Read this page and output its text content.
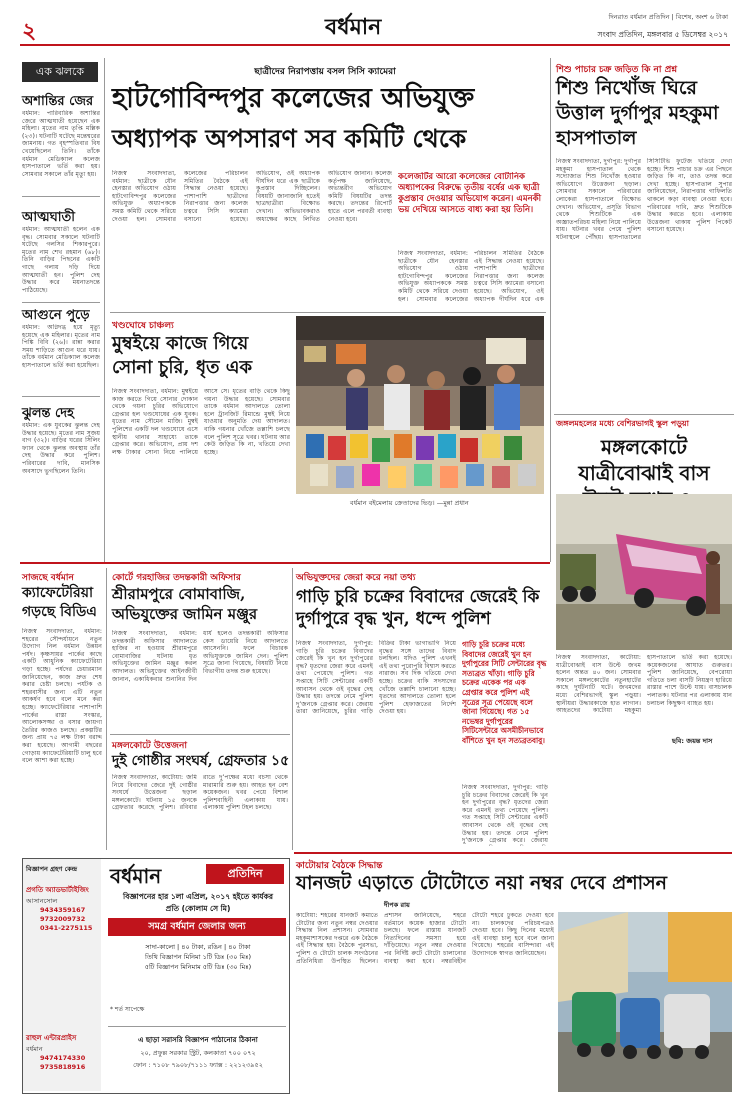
২	বর্ধমান	দিনরাত বর্ধমান প্রতিদিন | বিশেষ, অংশ ৬ টাকা
সংবাদ প্রতিদিন, মঙ্গলবার ৫ ডিসেম্বর ২০১৭
এক ঝলকে
অশান্তির জের
বর্ধমান: পারিবারিক অশান্তির জেরে আত্মঘাতী হয়েছেন এক মহিলা। মৃতের নাম তৃপ্তি মল্লিক (২৩)। ঘটনাটি ঘটেছে মন্তেশ্বরের জামনায়। গত বৃহস্পতিবার বিষ খেয়েছিলেন তিনি। তাঁকে বর্ধমান মেডিক্যাল কলেজ হাসপাতালে ভর্তি করা হয়। সোমবার সকালে তাঁর মৃত্যু হয়।
আত্মঘাতী
বর্ধমান: আত্মঘাতী হলেন এক বৃদ্ধ। সোমবার সকালে ঘটনাটি ঘটেছে গলসির শিকারপুরে। মৃতের নাম শেখ রহমান (৬৮)। তিনি বাড়ির পিছনের একটি গাছে গলায় দড়ি দিয়ে আত্মঘাতী হন। পুলিশ দেহ উদ্ধার করে ময়নাতদন্তে পাঠিয়েছে।
আগুনে পুড়ে
বর্ধমান: অগ্নিদগ্ধ হয়ে মৃত্যু হয়েছে এক মহিলার। মৃতের নাম পিঙ্কি বিবি (২৬)। রান্না করার সময় শাড়িতে আগুন ধরে যায়। তাঁকে বর্ধমান মেডিক্যাল কলেজ হাসপাতালে ভর্তি করা হয়েছিল।
ঝুলন্ত দেহ
বর্ধমান: এক যুবকের ঝুলন্ত দেহ উদ্ধার হয়েছে। মৃতের নাম সুজয় বাগ (৩২)। বাড়ির ঘরের সিলিং ফ্যান থেকে ঝুলন্ত অবস্থায় তাঁর দেহ উদ্ধার করে পুলিশ। পরিবারের দাবি, মানসিক অবসাদে ভুগছিলেন তিনি।
ছাত্রীদের নিরাপত্তায় বসল সিসি ক্যামেরা
হাটগোবিন্দপুর কলেজের অভিযুক্ত
অধ্যাপক অপসারণ সব কমিটি থেকে
নিজস্ব সংবাদদাতা, বর্ধমান: ছাত্রীকে যৌন হেনস্তার অভিযোগ ওঠায় হাটগোবিন্দপুর কলেজের অভিযুক্ত অধ্যাপককে সমস্ত কমিটি থেকে সরিয়ে দেওয়া হল। সোমবার কলেজের পরিচালন সমিতির বৈঠকে এই সিদ্ধান্ত নেওয়া হয়েছে। পাশাপাশি ছাত্রীদের নিরাপত্তার জন্য কলেজ চত্বরে সিসি ক্যামেরা বসানো হয়েছে। অভিযোগ, ওই অধ্যাপক দীর্ঘদিন ধরে এক ছাত্রীকে কুপ্রস্তাব দিচ্ছিলেন। বিষয়টি জানাজানি হতেই ছাত্রছাত্রীরা বিক্ষোভ দেখান। অভিভাবকরাও অধ্যক্ষের কাছে লিখিত অভিযোগ জানান। কলেজ কর্তৃপক্ষ জানিয়েছে, অভ্যন্তরীণ অভিযোগ কমিটি বিষয়টির তদন্ত করছে। তদন্তের রিপোর্ট হাতে এলে পরবর্তী ব্যবস্থা নেওয়া হবে।
কলেজটির আরো কলেজের বোটানিক অধ্যাপকের বিরুদ্ধে তৃতীয় বর্ষের এক ছাত্রী কুপ্রস্তাব দেওয়ার অভিযোগ করেন। এমনকী ভয় দেখিয়ে আসতে বাধ্য করা হয় তিনি।
নিজস্ব সংবাদদাতা, বর্ধমান: ছাত্রীকে যৌন হেনস্তার অভিযোগ ওঠায় হাটগোবিন্দপুর কলেজের অভিযুক্ত অধ্যাপককে সমস্ত কমিটি থেকে সরিয়ে দেওয়া হল। সোমবার কলেজের পরিচালন সমিতির বৈঠকে এই সিদ্ধান্ত নেওয়া হয়েছে। পাশাপাশি ছাত্রীদের নিরাপত্তার জন্য কলেজ চত্বরে সিসি ক্যামেরা বসানো হয়েছে। অভিযোগ, ওই অধ্যাপক দীর্ঘদিন ধরে এক
খণ্ডঘোষে চাঞ্চল্য
মুম্বইয়ে কাজে গিয়ে সোনা চুরি, ধৃত এক
নিজস্ব সংবাদদাতা, বর্ধমান: মুম্বইয়ে কাজ করতে গিয়ে সোনার দোকান থেকে গয়না চুরির অভিযোগে গ্রেপ্তার হল খণ্ডঘোষের এক যুবক। ধৃতের নাম সৌমেন মাজি। মুম্বই পুলিশের একটি দল খণ্ডঘোষে এসে স্থানীয় থানার সাহায্যে তাকে গ্রেপ্তার করে। অভিযোগ, প্রায় দশ লক্ষ টাকার সোনা নিয়ে পালিয়ে আসে সে। ধৃতের বাড়ি থেকে কিছু গয়না উদ্ধার হয়েছে। সোমবার তাকে বর্ধমান আদালতে তোলা হলে ট্রানজিট রিমান্ডে মুম্বই নিয়ে যাওয়ার অনুমতি দেয় আদালত। বাকি গয়নার খোঁজে তল্লাশি চলছে বলে পুলিশ সূত্রে খবর। ঘটনায় আর কেউ জড়িত কি না, খতিয়ে দেখা হচ্ছে।
বর্ধমান বইমেলায় ক্রেতাদের ভিড়। —মুন্না প্রধান
শিশু পাচার চক্র জড়িত কি না প্রশ্ন
শিশু নিখোঁজ ঘিরে উত্তাল দুর্গাপুর মহকুমা হাসপাতাল
নিজস্ব সংবাদদাতা, দুর্গাপুর: দুর্গাপুর মহকুমা হাসপাতাল থেকে সদ্যোজাত শিশু নিখোঁজ হওয়ার অভিযোগে উত্তেজনা ছড়াল। সোমবার সকালে পরিবারের লোকেরা হাসপাতালে বিক্ষোভ দেখান। অভিযোগ, প্রসূতি বিভাগ থেকে শিশুটিকে এক অজ্ঞাতপরিচয় মহিলা নিয়ে পালিয়ে যায়। ঘটনার খবর পেয়ে পুলিশ ঘটনাস্থলে পৌঁছয়। হাসপাতালের সিসিটিভি ফুটেজ খতিয়ে দেখা হচ্ছে। শিশু পাচার চক্র এর পিছনে জড়িত কি না, তাও তদন্ত করে দেখা হচ্ছে। হাসপাতাল সুপার জানিয়েছেন, নিরাপত্তার গাফিলতি থাকলে কড়া ব্যবস্থা নেওয়া হবে। পরিবারের দাবি, দ্রুত শিশুটিকে উদ্ধার করতে হবে। এলাকায় উত্তেজনা থাকায় পুলিশ পিকেট বসানো হয়েছে।
জঙ্গলমহলের মধ্যে বেশিরভাগই স্কুল পড়ুয়া
মঙ্গলকোটে যাত্রীবোঝাই বাস
নিজস্ব সংবাদদাতা, কাটোয়া: যাত্রীবোঝাই বাস উল্টে জখম হলেন অন্তত ৪০ জন। সোমবার সকালে মঙ্গলকোটের নতুনহাটের কাছে দুর্ঘটনাটি ঘটে। জখমদের মধ্যে বেশিরভাগই স্কুল পড়ুয়া। স্থানীয়রা উদ্ধারকাজে হাত লাগান। আহতদের কাটোয়া মহকুমা হাসপাতালে ভর্তি করা হয়েছে। কয়েকজনের আঘাত গুরুতর। পুলিশ জানিয়েছে, বেপরোয়া গতিতে চলা বাসটি নিয়ন্ত্রণ হারিয়ে রাস্তার পাশে উল্টে যায়। বাসচালক পলাতক। ঘটনার পর এলাকায় যান চলাচল কিছুক্ষণ ব্যাহত হয়।
ছবি: জয়ন্ত দাস
সাজছে বর্ধমান
ক্যাফেটেরিয়া গড়ছে বিডিএ
নিজস্ব সংবাদদাতা, বর্ধমান: শহরের সৌন্দর্যায়নে নতুন উদ্যোগ নিল বর্ধমান উন্নয়ন পর্ষদ। কৃষ্ণসায়র পার্কের কাছে একটি আধুনিক ক্যাফেটেরিয়া গড়া হচ্ছে। পর্ষদের চেয়ারম্যান জানিয়েছেন, কাজ দ্রুত শেষ করার চেষ্টা চলছে। পর্যটক ও শহরবাসীর জন্য এটি নতুন আকর্ষণ হবে বলে মনে করা হচ্ছে। ক্যাফেটেরিয়ার পাশাপাশি পার্কের রাস্তা সংস্কার, আলোকসজ্জা ও বসার জায়গা তৈরির কাজও চলছে। প্রকল্পটির জন্য প্রায় ৭৫ লক্ষ টাকা বরাদ্দ করা হয়েছে। আগামী বছরের গোড়ায় ক্যাফেটেরিয়াটি চালু হবে বলে আশা করা হচ্ছে।
কোর্টে গরহাজির তদন্তকারী অফিসার
শ্রীরামপুরে বোমাবাজি, অভিযুক্তের জামিন মঞ্জুর
নিজস্ব সংবাদদাতা, বর্ধমান: তদন্তকারী অফিসার আদালতে হাজির না হওয়ায় শ্রীরামপুরে বোমাবাজির ঘটনায় ধৃত অভিযুক্তের জামিন মঞ্জুর করল আদালত। অভিযুক্তের আইনজীবী জানান, একাধিকবার শুনানির দিন ধার্য হলেও তদন্তকারী অফিসার কেস ডায়েরি নিয়ে আদালতে আসেননি। ফলে বিচারক অভিযুক্তকে জামিন দেন। পুলিশ সূত্রে জানা গিয়েছে, বিষয়টি নিয়ে বিভাগীয় তদন্ত শুরু হয়েছে।
মঙ্গলকোটে উত্তেজনা
দুই গোষ্ঠীর সংঘর্ষ, গ্রেফতার ১৫
নিজস্ব সংবাদদাতা, কাটোয়া: জমি নিয়ে বিবাদের জেরে দুই গোষ্ঠীর সংঘর্ষে উত্তেজনা ছড়াল মঙ্গলকোটে। ঘটনায় ১৫ জনকে গ্রেফতার করেছে পুলিশ। রবিবার রাতে দু’পক্ষের মধ্যে বচসা থেকে মারামারি শুরু হয়। আহত হন বেশ কয়েকজন। খবর পেয়ে বিশাল পুলিশবাহিনী এলাকায় যায়। এলাকায় পুলিশ টহল চলছে।
অভিযুক্তদের জেরা করে নয়া তথ্য
গাড়ি চুরি চক্রের বিবাদের জেরেই কি দুর্গাপুরে বৃদ্ধ খুন, ধন্দে পুলিশ
নিজস্ব সংবাদদাতা, দুর্গাপুর: গাড়ি চুরি চক্রের বিবাদের জেরেই কি খুন হন দুর্গাপুরের বৃদ্ধ? ধৃতদের জেরা করে এমনই তথ্য পেয়েছে পুলিশ। গত সপ্তাহে সিটি সেন্টারের একটি আবাসন থেকে ওই বৃদ্ধের দেহ উদ্ধার হয়। তদন্তে নেমে পুলিশ দু’জনকে গ্রেপ্তার করে। জেরায় তারা জানিয়েছে, চুরির গাড়ি বিক্রির টাকা ভাগাভাগি নিয়ে বৃদ্ধের সঙ্গে তাদের বিবাদ চলছিল। যদিও পুলিশ এখনই এই তথ্য পুরোপুরি বিশ্বাস করতে নারাজ। সব দিক খতিয়ে দেখা হচ্ছে। চক্রের বাকি সদস্যদের খোঁজে তল্লাশি চালানো হচ্ছে। ধৃতদের আদালতে তোলা হলে পুলিশ হেফাজতের নির্দেশ দেওয়া হয়।
গাড়ি চুরি চক্রের মধ্যে বিবাদের জেরেই খুন হন দুর্গাপুরের সিটি সেন্টারের বৃদ্ধ সত্যব্রত খাঁড়া। গাড়ি চুরি চক্রের একেক পর এক গ্রেপ্তার করে পুলিশ এই সূত্রের সূত্র পেয়েছে বলে জানা গিয়েছে। গত ১৫ নভেম্বর দুর্গাপুরের সিটিসেন্টারে অসমীচীনভাবে বাঁশিতে খুন হন সত্যব্রতবাবু।
নিজস্ব সংবাদদাতা, দুর্গাপুর: গাড়ি চুরি চক্রের বিবাদের জেরেই কি খুন হন দুর্গাপুরের বৃদ্ধ? ধৃতদের জেরা করে এমনই তথ্য পেয়েছে পুলিশ। গত সপ্তাহে সিটি সেন্টারের একটি আবাসন থেকে ওই বৃদ্ধের দেহ উদ্ধার হয়। তদন্তে নেমে পুলিশ দু’জনকে গ্রেপ্তার করে। জেরায়
কাটোয়ার বৈঠকে সিদ্ধান্ত
যানজট এড়াতে টোটোতে নয়া নম্বর দেবে প্রশাসন
দীপক রায়
কাটোয়া: শহরের যানজট কমাতে টোটোর জন্য নতুন নম্বর দেওয়ার সিদ্ধান্ত নিল প্রশাসন। সোমবার মহকুমাশাসকের দপ্তরে এক বৈঠকে এই সিদ্ধান্ত হয়। বৈঠকে পুরসভা, পুলিশ ও টোটো চালক সংগঠনের প্রতিনিধিরা উপস্থিত ছিলেন। প্রশাসন জানিয়েছে, শহরে বর্তমানে কয়েক হাজার টোটো চলছে। ফলে রাস্তায় যানজট নিত্যদিনের সমস্যা হয়ে দাঁড়িয়েছে। নতুন নম্বর দেওয়ার পর নির্দিষ্ট রুটে টোটো চালানোর ব্যবস্থা করা হবে। নম্বরবিহীন টোটো শহরে ঢুকতে দেওয়া হবে না। চালকদের পরিচয়পত্রও দেওয়া হবে। কিছু দিনের মধ্যেই এই ব্যবস্থা চালু হবে বলে জানা গিয়েছে। শহরের বাসিন্দারা এই উদ্যোগকে স্বাগত জানিয়েছেন।
বিজ্ঞাপন গ্রহণ কেন্দ্র
প্রগতি অ্যাডভার্টাইজিং
আসানসোল
9434359167
9732009732
0341-2275115
রাহুল এন্টারপ্রাইস
বর্ধমান
9474174330
9735818916
বর্ধমান	প্রতিদিন
বিজ্ঞাপনের হার ১লা এপ্রিল, ২০১৭ হইতে কার্যকর
প্রতি (কোলাম সে মি)
সমগ্র বর্ধমান জেলার জন্য
সাদা-কালো | ৪০ টাকা, রঙিন | ৪০ টাকা
তিথি বিজ্ঞাপন মিনিমা ১টি ডিঃ (৩০ মিঃ)
৫টি বিজ্ঞাপন মিনিমাম ৫টি ডিঃ (৩০ মিঃ)
* শর্ত সাপেক্ষে
এ ছাড়া সরাসরি বিজ্ঞাপন পাঠানোর ঠিকানা
২০, প্রফুল্ল সরকার স্ট্রিট, কলকাতা ৭০০ ০৭২
ফোন : ৭১০৮ ৭৯০৮/৭১১১ ফ্যাক্স : ২২১২৩৯৫২
